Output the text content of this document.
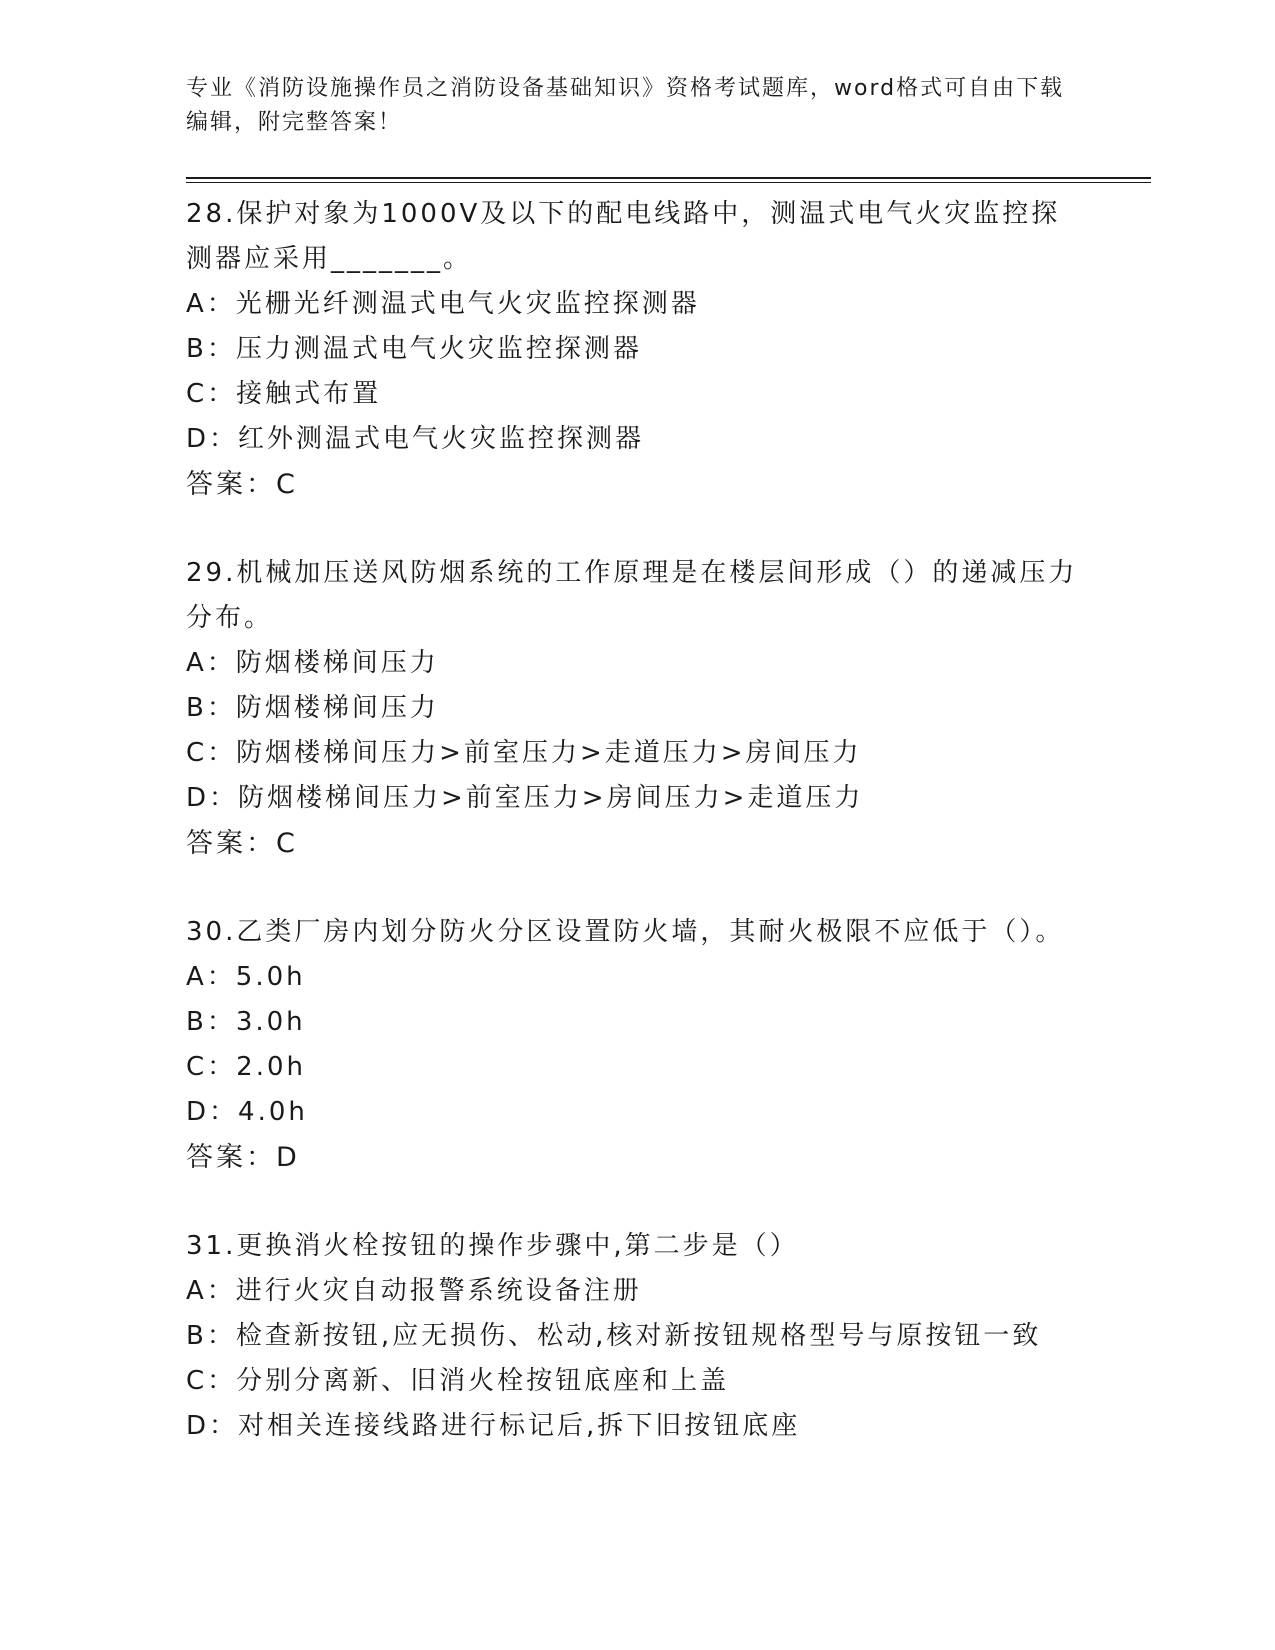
专业《消防设施操作员之消防设备基础知识》资格考试题库，word格式可自由下载编辑，附完整答案！

28.保护对象为1000V及以下的配电线路中，测温式电气火灾监控探测器应采用_______。

A：光栅光纤测温式电气火灾监控探测器

B：压力测温式电气火灾监控探测器

C：接触式布置

D：红外测温式电气火灾监控探测器

答案：C

29.机械加压送风防烟系统的工作原理是在楼层间形成（）的递减压力分布。

A：防烟楼梯间压力

B：防烟楼梯间压力

C：防烟楼梯间压力>前室压力>走道压力>房间压力

D：防烟楼梯间压力>前室压力>房间压力>走道压力

答案：C

30.乙类厂房内划分防火分区设置防火墙，其耐火极限不应低于（）。

A：5.0h

B：3.0h

C：2.0h

D：4.0h

答案：D

31.更换消火栓按钮的操作步骤中,第二步是（）

A：进行火灾自动报警系统设备注册

B：检查新按钮,应无损伤、松动,核对新按钮规格型号与原按钮一致

C：分别分离新、旧消火栓按钮底座和上盖

D：对相关连接线路进行标记后,拆下旧按钮底座
